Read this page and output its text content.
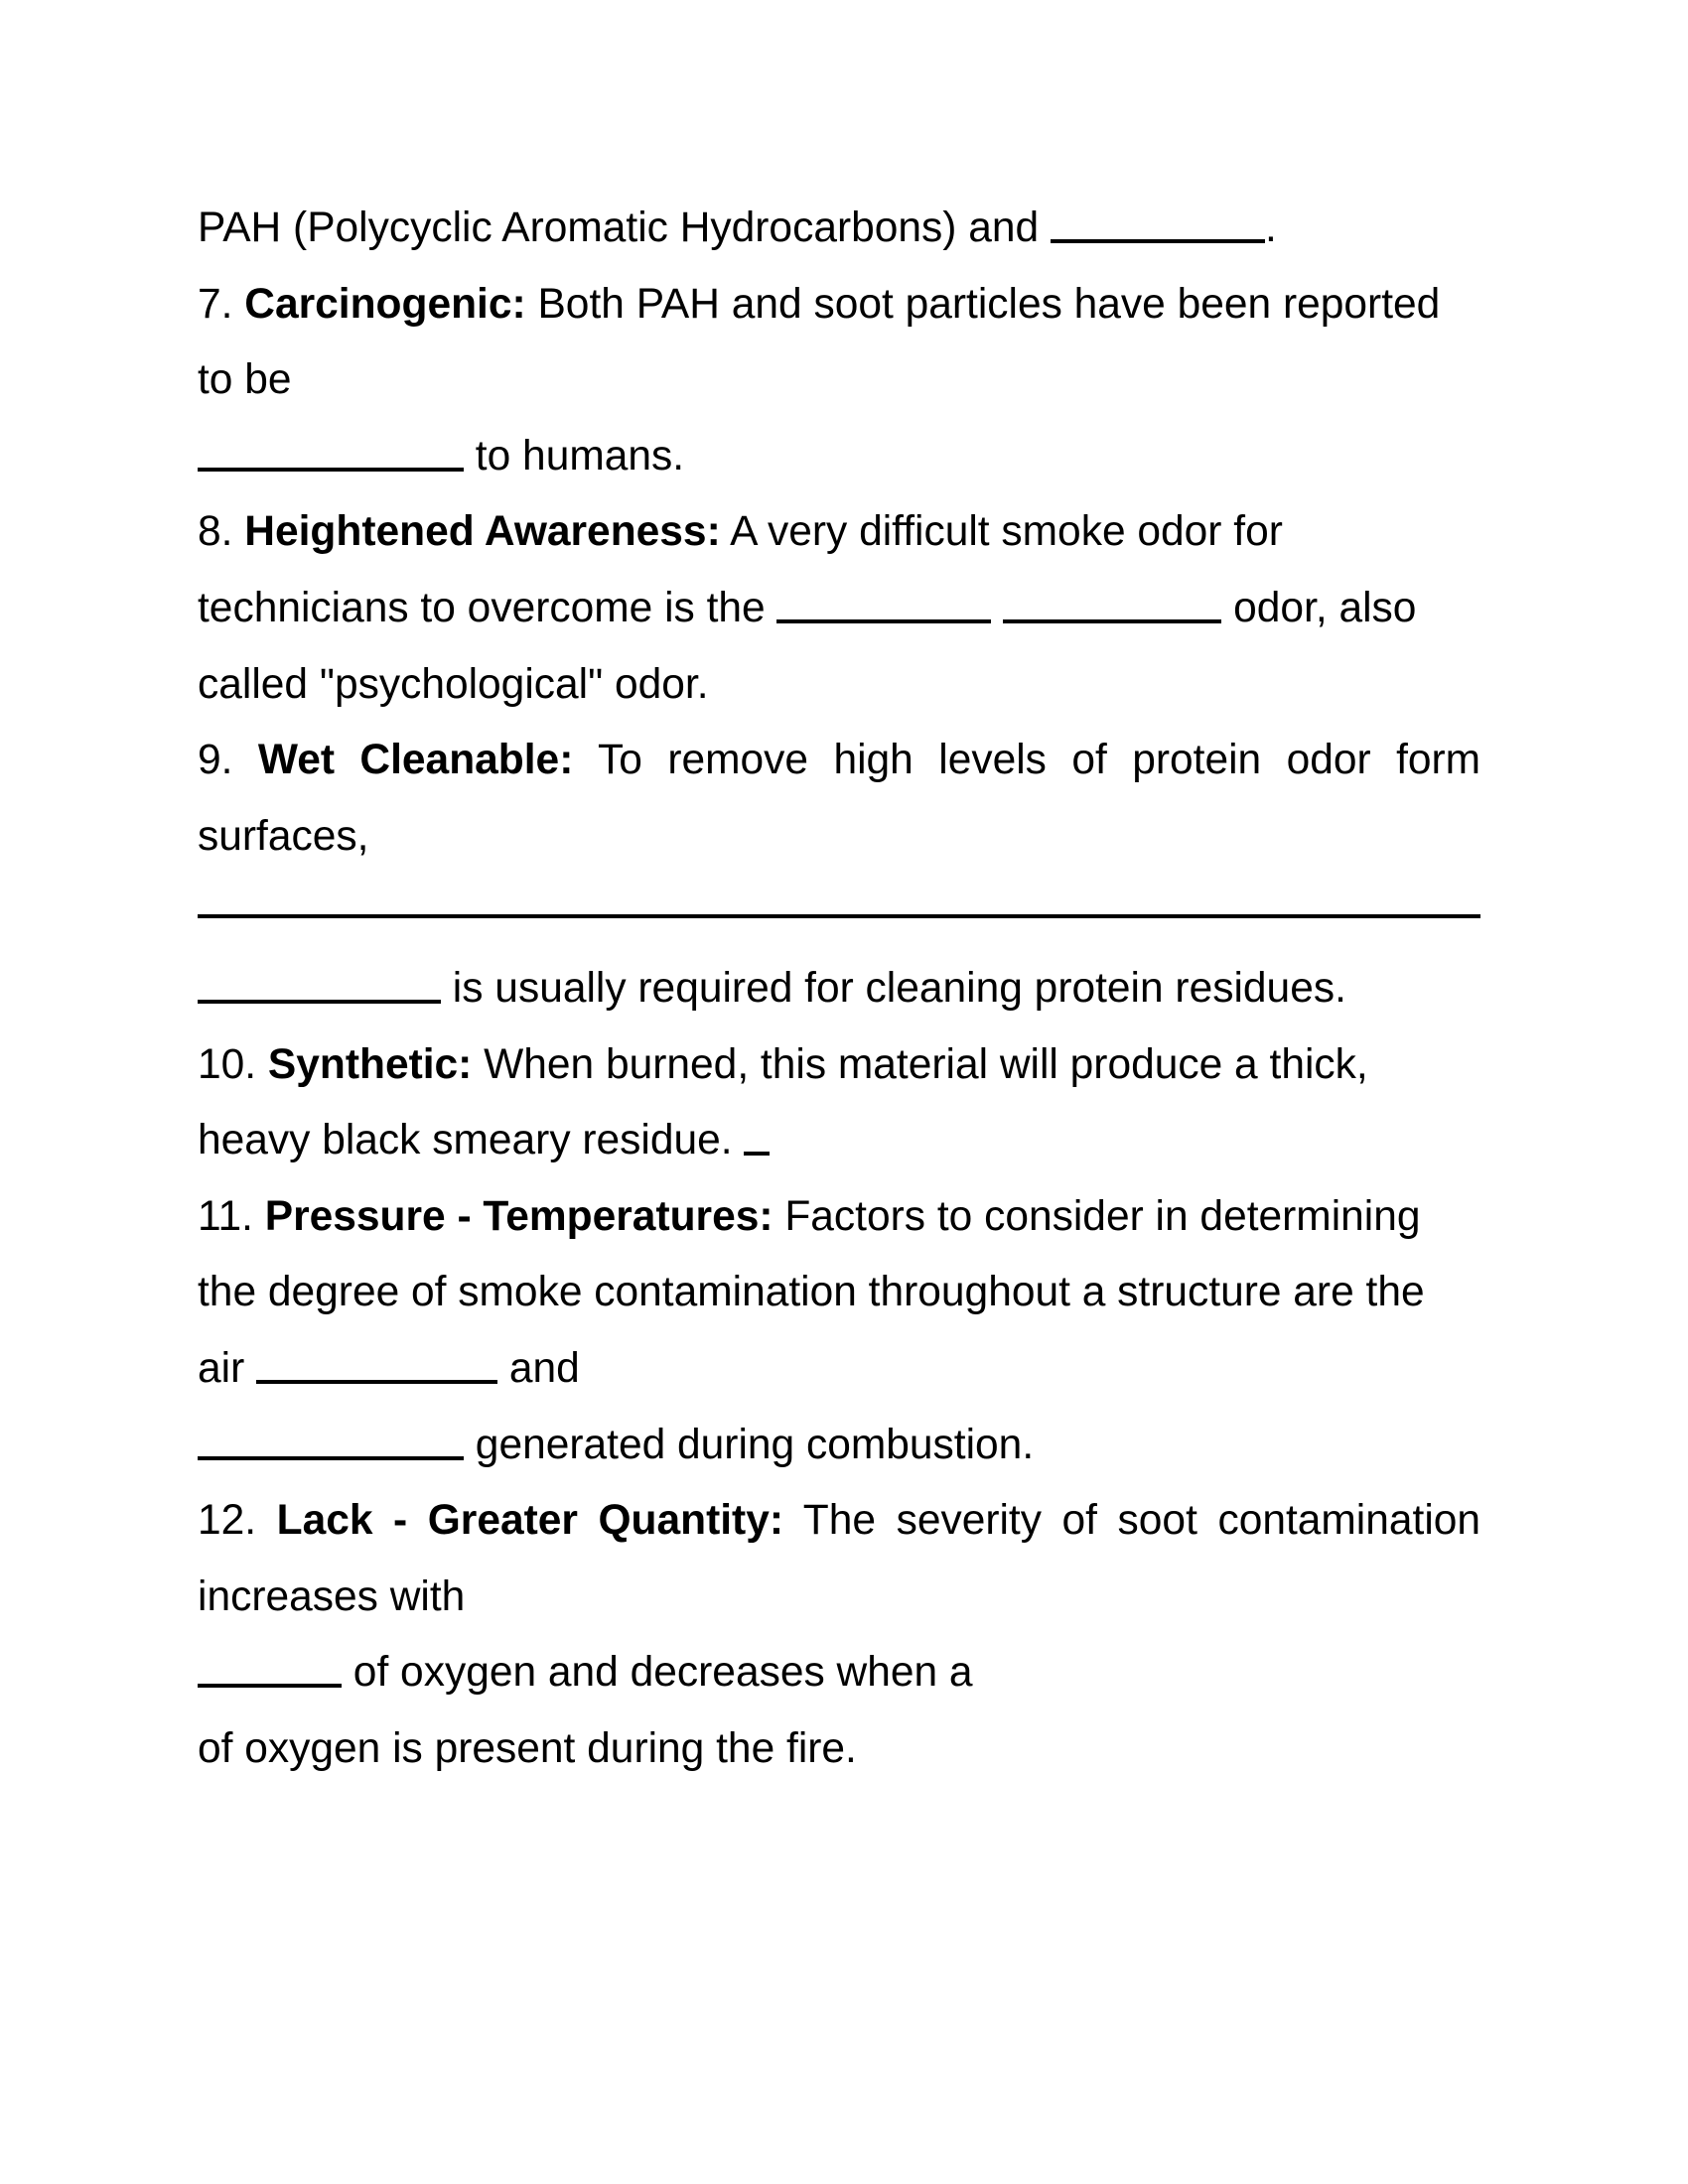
PAH (Polycyclic Aromatic Hydrocarbons) and	.
7. Carcinogenic: Both PAH and soot particles have been reported
to be
to humans.
8. Heightened Awareness: A very difficult smoke odor for
technicians to overcome is the	odor, also
called "psychological" odor.
9. Wet Cleanable: To remove high levels of protein odor form
surfaces,
is usually required for cleaning protein residues.
10. Synthetic: When burned, this material will produce a thick,
heavy black smeary residue.
11. Pressure - Temperatures: Factors to consider in determining
the degree of smoke contamination throughout a structure are the
air	and
generated during combustion.
12. Lack - Greater Quantity: The severity of soot contamination
increases with
of oxygen and decreases when a
of oxygen is present during the fire.
